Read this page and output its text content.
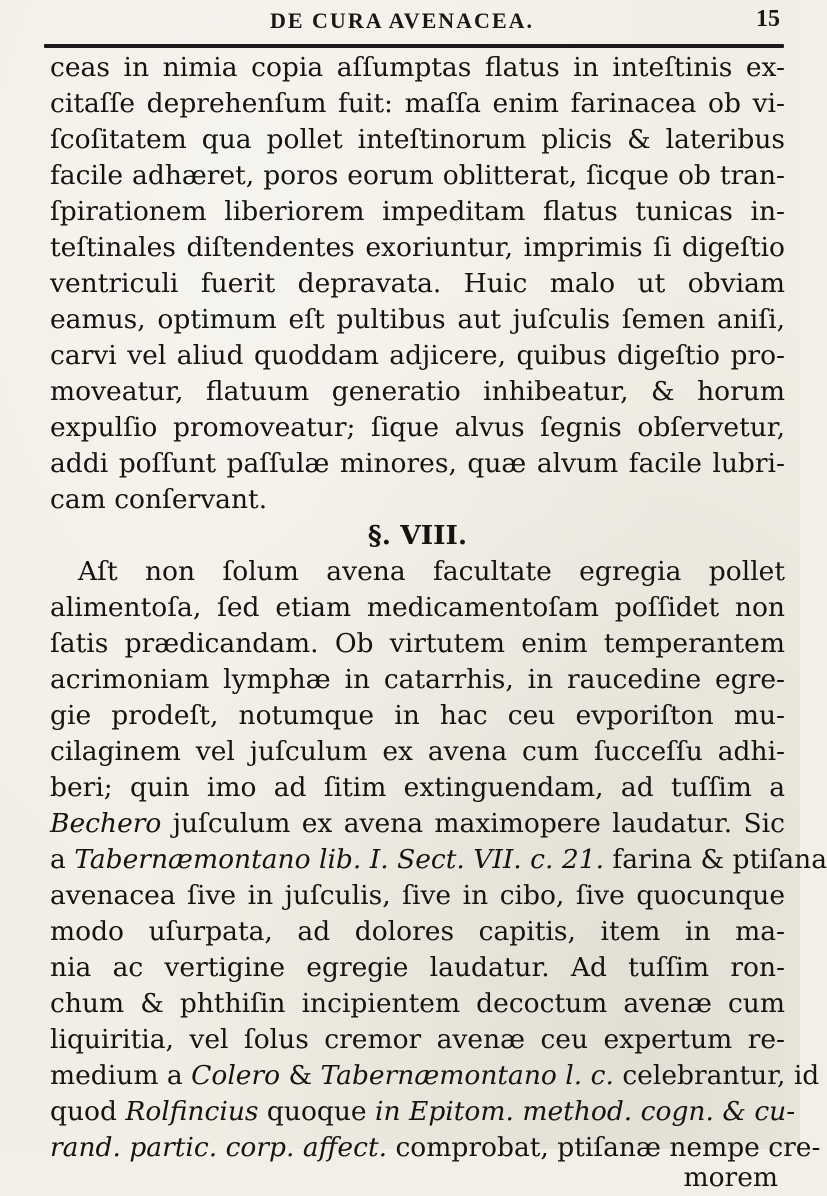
DE CURA AVENACEA.	15
ceas in nimia copia aſſumptas flatus in inteſtinis ex-
citaſſe deprehenſum fuit: maſſa enim farinacea ob vi-
ſcoſitatem qua pollet inteſtinorum plicis & lateribus
facile adhæret, poros eorum oblitterat, ſicque ob tran-
ſpirationem liberiorem impeditam flatus tunicas in-
teſtinales diſtendentes exoriuntur, imprimis ſi digeſtio
ventriculi fuerit depravata. Huic malo ut obviam
eamus, optimum eſt pultibus aut juſculis ſemen aniſi,
carvi vel aliud quoddam adjicere, quibus digeſtio pro-
moveatur, flatuum generatio inhibeatur, & horum
expulſio promoveatur; ſique alvus ſegnis obſervetur,
addi poſſunt paſſulæ minores, quæ alvum facile lubri-
cam conſervant.
§. VIII.
Aſt non ſolum avena facultate egregia pollet
alimentoſa, ſed etiam medicamentoſam poſſidet non
ſatis prædicandam. Ob virtutem enim temperantem
acrimoniam lymphæ in catarrhis, in raucedine egre-
gie prodeſt, notumque in hac ceu evporiſton mu-
cilaginem vel juſculum ex avena cum ſucceſſu adhi-
beri; quin imo ad ſitim extinguendam, ad tuſſim a
Bechero juſculum ex avena maximopere laudatur. Sic
a Tabernæmontano lib. I. Sect. VII. c. 21. farina & ptiſana
avenacea ſive in juſculis, ſive in cibo, ſive quocunque
modo uſurpata, ad dolores capitis, item in ma-
nia ac vertigine egregie laudatur. Ad tuſſim ron-
chum & phthiſin incipientem decoctum avenæ cum
liquiritia, vel ſolus cremor avenæ ceu expertum re-
medium a Colero & Tabernæmontano l. c. celebrantur, id
quod Rolfincius quoque in Epitom. method. cogn. & cu-
rand. partic. corp. affect. comprobat, ptiſanæ nempe cre-
morem
